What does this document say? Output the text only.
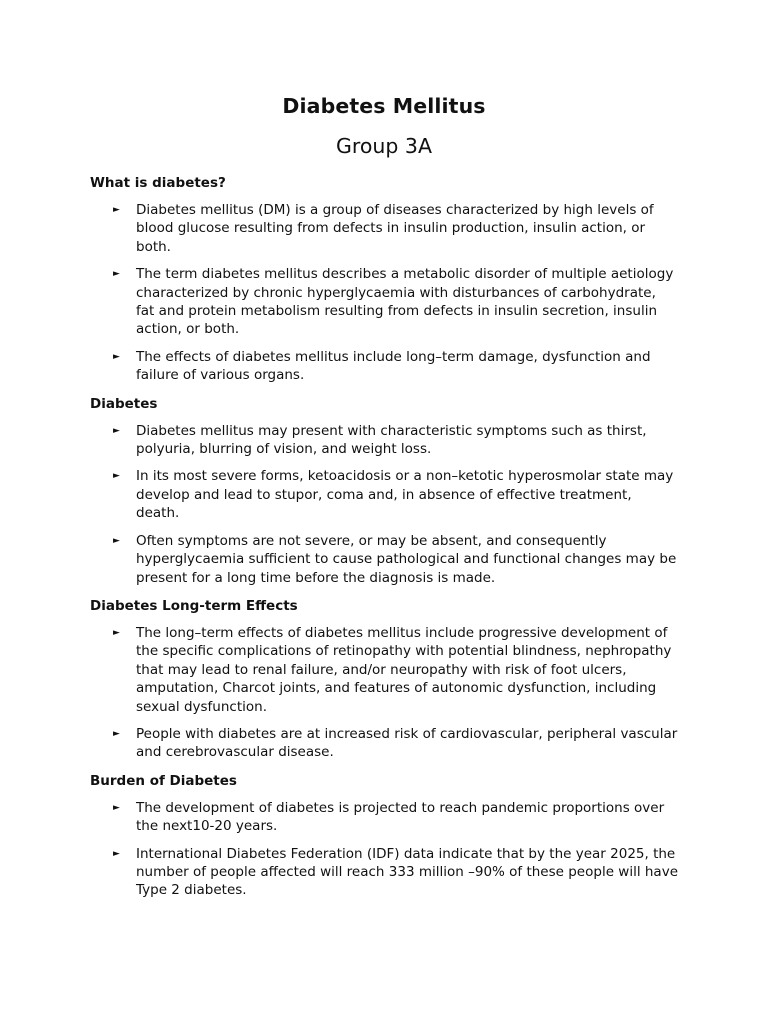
Diabetes Mellitus
Group 3A
What is diabetes?
► Diabetes mellitus (DM) is a group of diseases characterized by high levels of blood glucose resulting from defects in insulin production, insulin action, or both.
► The term diabetes mellitus describes a metabolic disorder of multiple aetiology characterized by chronic hyperglycaemia with disturbances of carbohydrate, fat and protein metabolism resulting from defects in insulin secretion, insulin action, or both.
► The effects of diabetes mellitus include long–term damage, dysfunction and failure of various organs.
Diabetes
► Diabetes mellitus may present with characteristic symptoms such as thirst, polyuria, blurring of vision, and weight loss.
► In its most severe forms, ketoacidosis or a non–ketotic hyperosmolar state may develop and lead to stupor, coma and, in absence of effective treatment, death.
► Often symptoms are not severe, or may be absent, and consequently hyperglycaemia sufficient to cause pathological and functional changes may be present for a long time before the diagnosis is made.
Diabetes Long-term Effects
► The long–term effects of diabetes mellitus include progressive development of the specific complications of retinopathy with potential blindness, nephropathy that may lead to renal failure, and/or neuropathy with risk of foot ulcers, amputation, Charcot joints, and features of autonomic dysfunction, including sexual dysfunction.
► People with diabetes are at increased risk of cardiovascular, peripheral vascular and cerebrovascular disease.
Burden of Diabetes
► The development of diabetes is projected to reach pandemic proportions over the next10-20 years.
► International Diabetes Federation (IDF) data indicate that by the year 2025, the number of people affected will reach 333 million –90% of these people will have Type 2 diabetes.
